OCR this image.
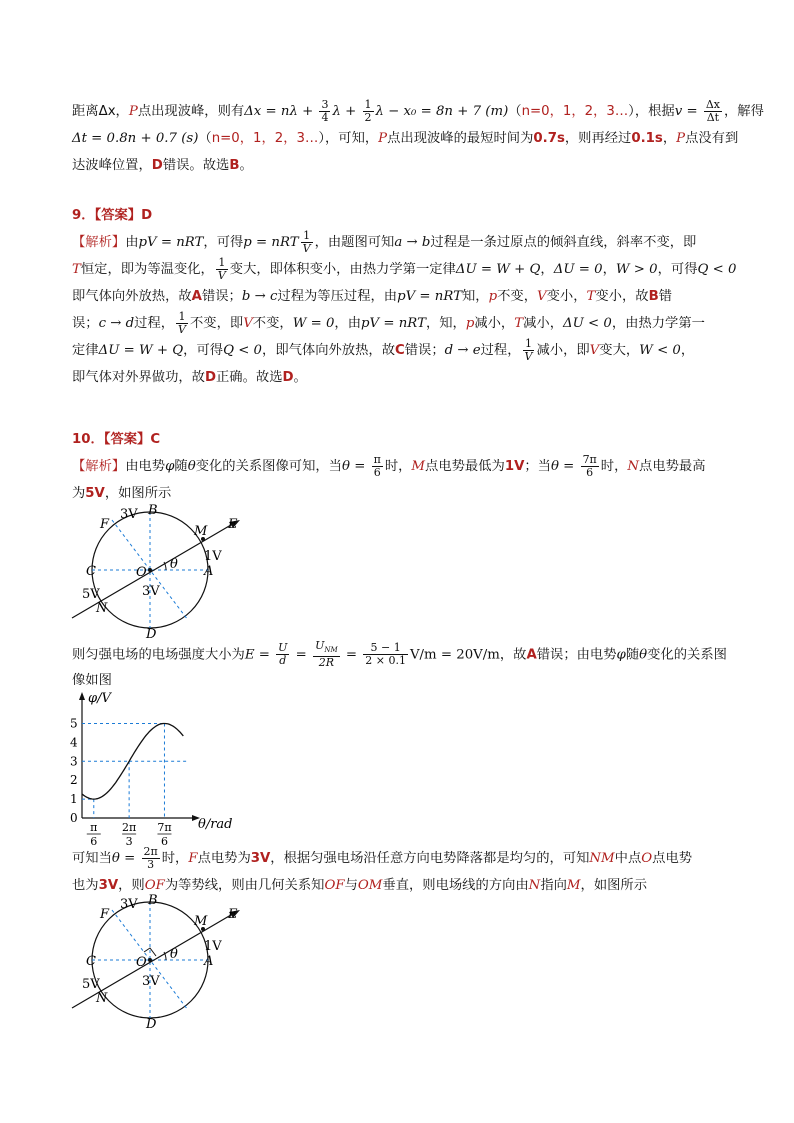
距离Δx，P点出现波峰，则有$\Delta x = n\lambda + \frac{3}{4}$ $\lambda + \frac{1}{2}$ λ − x₀ = 8n + 7 (m)（n=0，1，2，3…），根据$v = \frac{\Delta x}{\Delta t}$ ，解得
Δt = 0.8n + 0.7 (s)（n=0，1，2，3…），可知，P点出现波峰的最短时间为0.7s，则再经过0.1s，P点没有到
达波峰位置，D错误。故选B。
9．【答案】D
【解析】由pV = nRT，可得p = nRT $\frac{1}{V}$ ，由题图可知a → b过程是一条过原点的倾斜直线，斜率不变，即
T恒定，即为等温变化， $\frac{1}{V}$ 变大，即体积变小，由热力学第一定律ΔU = W + Q，ΔU = 0，W > 0，可得Q < 0
即气体向外放热，故A错误；b → c过程为等压过程，由pV = nRT知，p不变，V变小，T变小，故B错
误；c → d过程， $\frac{1}{V}$ 不变，即V不变，W = 0，由pV = nRT，知，p减小，T减小，ΔU < 0，由热力学第一
定律ΔU = W + Q，可得Q < 0，即气体向外放热，故C错误；d → e过程， $\frac{1}{V}$ 减小，即V变大，W < 0，
即气体对外界做功，故D正确。故选D。
10．【答案】C
【解析】由电势φ随θ变化的关系图像可知，当$\theta = \frac{\pi}{6}$ 时，M点电势最低为1V；当$\theta = \frac{7\pi}{6}$ 时，N点电势最高
为5V，如图所示
F
B
3V
M E
1V
C	O
θ A
3V
5V
N
D
则匀强电场的电场强度大小为$E = \frac{U}{d} = \frac{U_{NM}}{2R} = \frac{5 - 1}{2 \times 0.1} V/m = 20V/m$，故A错误；由电势φ随θ变化的关系图
像如图
φ/V
θ/rad
0
1
2
3
4
5
π
6
2π
3
7π
6
可知当$\theta = \frac{2\pi}{3}$ 时，F点电势为3V，根据匀强电场沿任意方向电势降落都是均匀的，可知NM中点O点电势
也为3V，则OF为等势线，则由几何关系知OF与OM垂直，则电场线的方向由N指向M，如图所示
F
B
3V
M E
1V
C	O
θ A
3V
5V
N
D
